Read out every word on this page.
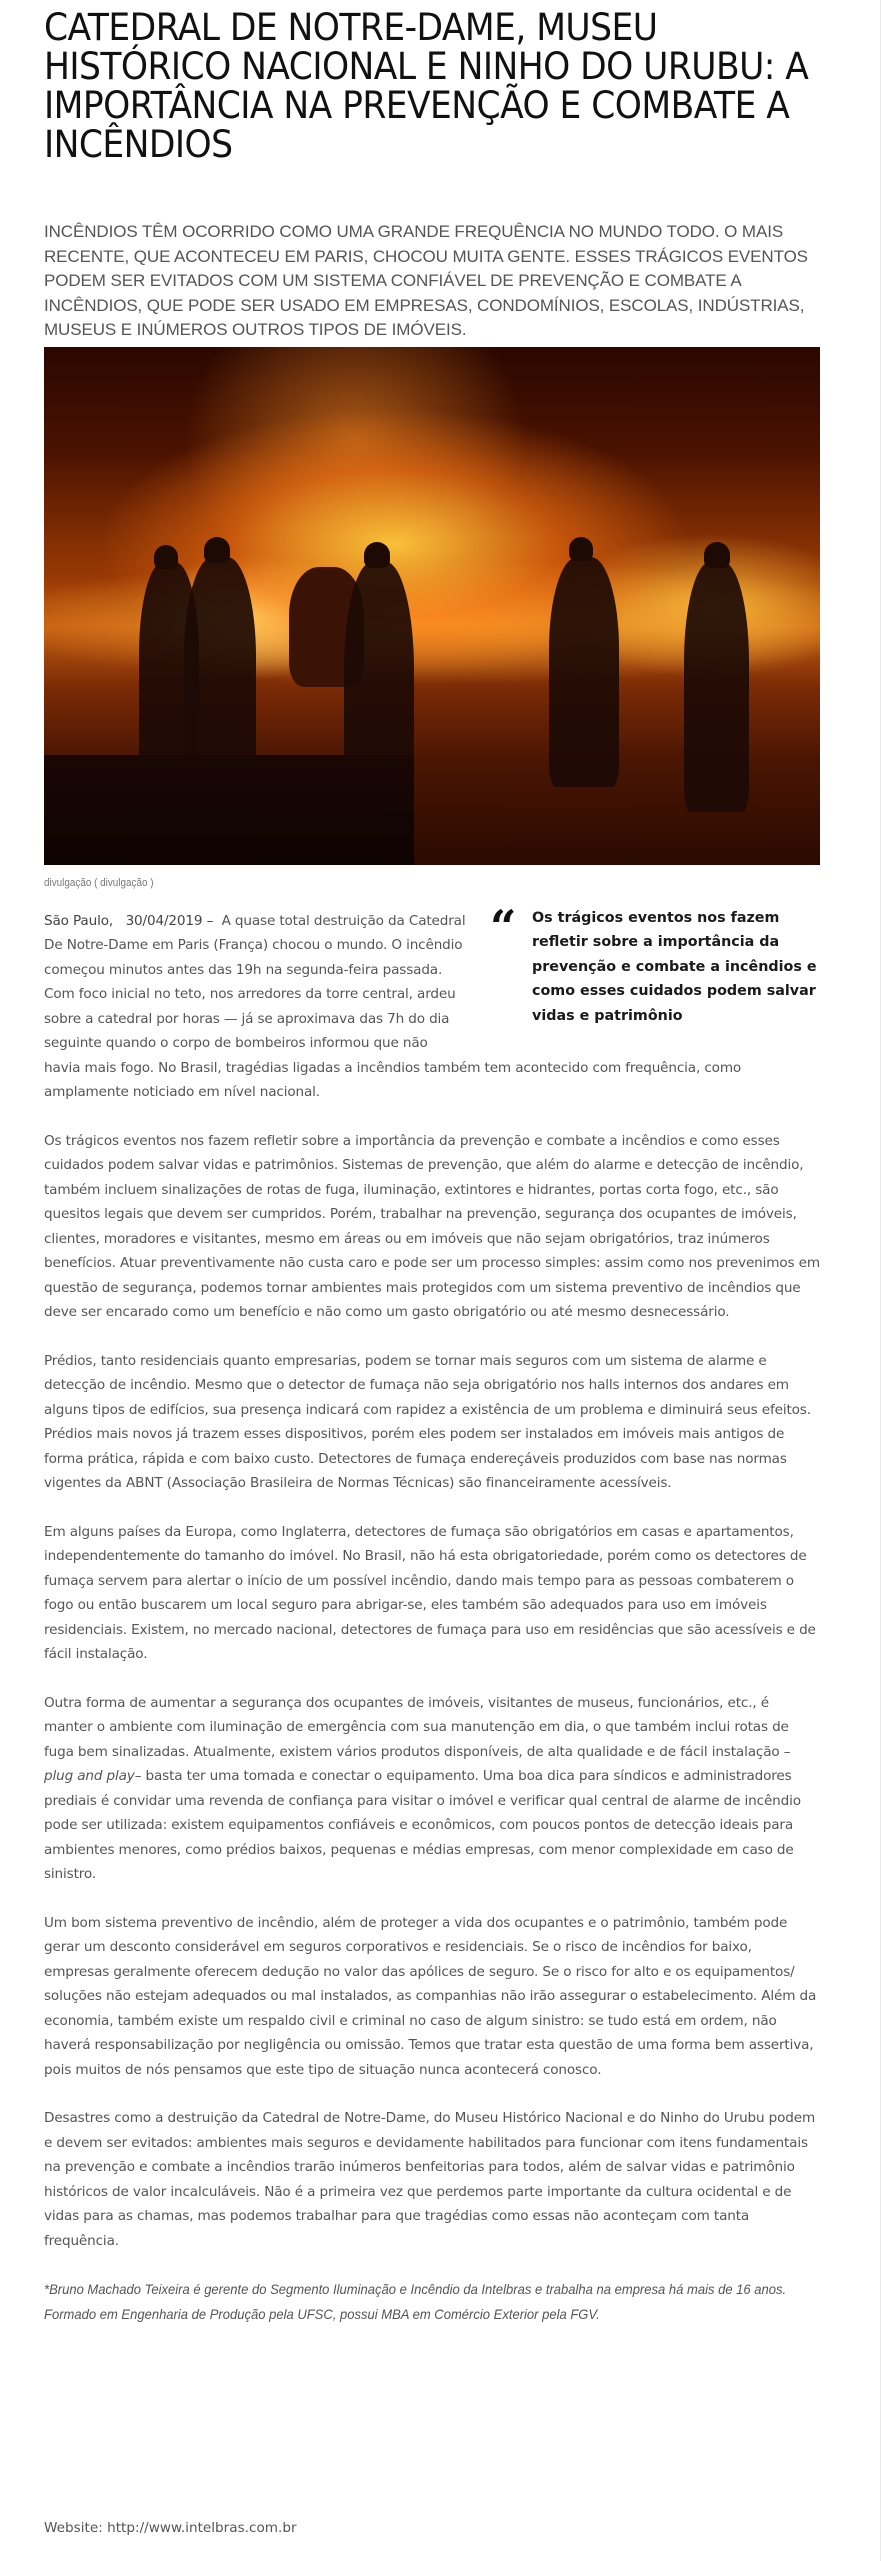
CATEDRAL DE NOTRE-DAME, MUSEU HISTÓRICO NACIONAL E NINHO DO URUBU: A IMPORTÂNCIA NA PREVENÇÃO E COMBATE A INCÊNDIOS

INCÊNDIOS TÊM OCORRIDO COMO UMA GRANDE FREQUÊNCIA NO MUNDO TODO. O MAIS RECENTE, QUE ACONTECEU EM PARIS, CHOCOU MUITA GENTE. ESSES TRÁGICOS EVENTOS PODEM SER EVITADOS COM UM SISTEMA CONFIÁVEL DE PREVENÇÃO E COMBATE A INCÊNDIOS, QUE PODE SER USADO EM EMPRESAS, CONDOMÍNIOS, ESCOLAS, INDÚSTRIAS, MUSEUS E INÚMEROS OUTROS TIPOS DE IMÓVEIS.

divulgação ( divulgação )
“ Os trágicos eventos nos fazem refletir sobre a importância da prevenção e combate a incêndios e como esses cuidados podem salvar vidas e patrimônio

São Paulo, 30/04/2019 – A quase total destruição da Catedral De Notre-Dame em Paris (França) chocou o mundo. O incêndio começou minutos antes das 19h na segunda-feira passada. Com foco inicial no teto, nos arredores da torre central, ardeu sobre a catedral por horas — já se aproximava das 7h do dia seguinte quando o corpo de bombeiros informou que não havia mais fogo. No Brasil, tragédias ligadas a incêndios também tem acontecido com frequência, como amplamente noticiado em nível nacional.

Os trágicos eventos nos fazem refletir sobre a importância da prevenção e combate a incêndios e como esses cuidados podem salvar vidas e patrimônios. Sistemas de prevenção, que além do alarme e detecção de incêndio, também incluem sinalizações de rotas de fuga, iluminação, extintores e hidrantes, portas corta fogo, etc., são quesitos legais que devem ser cumpridos. Porém, trabalhar na prevenção, segurança dos ocupantes de imóveis, clientes, moradores e visitantes, mesmo em áreas ou em imóveis que não sejam obrigatórios, traz inúmeros benefícios. Atuar preventivamente não custa caro e pode ser um processo simples: assim como nos prevenimos em questão de segurança, podemos tornar ambientes mais protegidos com um sistema preventivo de incêndios que deve ser encarado como um benefício e não como um gasto obrigatório ou até mesmo desnecessário.

Prédios, tanto residenciais quanto empresarias, podem se tornar mais seguros com um sistema de alarme e detecção de incêndio. Mesmo que o detector de fumaça não seja obrigatório nos halls internos dos andares em alguns tipos de edifícios, sua presença indicará com rapidez a existência de um problema e diminuirá seus efeitos. Prédios mais novos já trazem esses dispositivos, porém eles podem ser instalados em imóveis mais antigos de forma prática, rápida e com baixo custo. Detectores de fumaça endereçáveis produzidos com base nas normas vigentes da ABNT (Associação Brasileira de Normas Técnicas) são financeiramente acessíveis.

Em alguns países da Europa, como Inglaterra, detectores de fumaça são obrigatórios em casas e apartamentos, independentemente do tamanho do imóvel. No Brasil, não há esta obrigatoriedade, porém como os detectores de fumaça servem para alertar o início de um possível incêndio, dando mais tempo para as pessoas combaterem o fogo ou então buscarem um local seguro para abrigar-se, eles também são adequados para uso em imóveis residenciais. Existem, no mercado nacional, detectores de fumaça para uso em residências que são acessíveis e de fácil instalação.

Outra forma de aumentar a segurança dos ocupantes de imóveis, visitantes de museus, funcionários, etc., é manter o ambiente com iluminação de emergência com sua manutenção em dia, o que também inclui rotas de fuga bem sinalizadas. Atualmente, existem vários produtos disponíveis, de alta qualidade e de fácil instalação –
plug and play– basta ter uma tomada e conectar o equipamento. Uma boa dica para síndicos e administradores prediais é convidar uma revenda de confiança para visitar o imóvel e verificar qual central de alarme de incêndio pode ser utilizada: existem equipamentos confiáveis e econômicos, com poucos pontos de detecção ideais para ambientes menores, como prédios baixos, pequenas e médias empresas, com menor complexidade em caso de sinistro.

Um bom sistema preventivo de incêndio, além de proteger a vida dos ocupantes e o patrimônio, também pode gerar um desconto considerável em seguros corporativos e residenciais. Se o risco de incêndios for baixo, empresas geralmente oferecem dedução no valor das apólices de seguro. Se o risco for alto e os equipamentos/ soluções não estejam adequados ou mal instalados, as companhias não irão assegurar o estabelecimento. Além da economia, também existe um respaldo civil e criminal no caso de algum sinistro: se tudo está em ordem, não haverá responsabilização por negligência ou omissão. Temos que tratar esta questão de uma forma bem assertiva, pois muitos de nós pensamos que este tipo de situação nunca acontecerá conosco.

Desastres como a destruição da Catedral de Notre-Dame, do Museu Histórico Nacional e do Ninho do Urubu podem e devem ser evitados: ambientes mais seguros e devidamente habilitados para funcionar com itens fundamentais na prevenção e combate a incêndios trarão inúmeros benfeitorias para todos, além de salvar vidas e patrimônio históricos de valor incalculáveis. Não é a primeira vez que perdemos parte importante da cultura ocidental e de vidas para as chamas, mas podemos trabalhar para que tragédias como essas não aconteçam com tanta frequência.

*Bruno Machado Teixeira é gerente do Segmento Iluminação e Incêndio da Intelbras e trabalha na empresa há mais de 16 anos. Formado em Engenharia de Produção pela UFSC, possui MBA em Comércio Exterior pela FGV.

Website: http://www.intelbras.com.br
